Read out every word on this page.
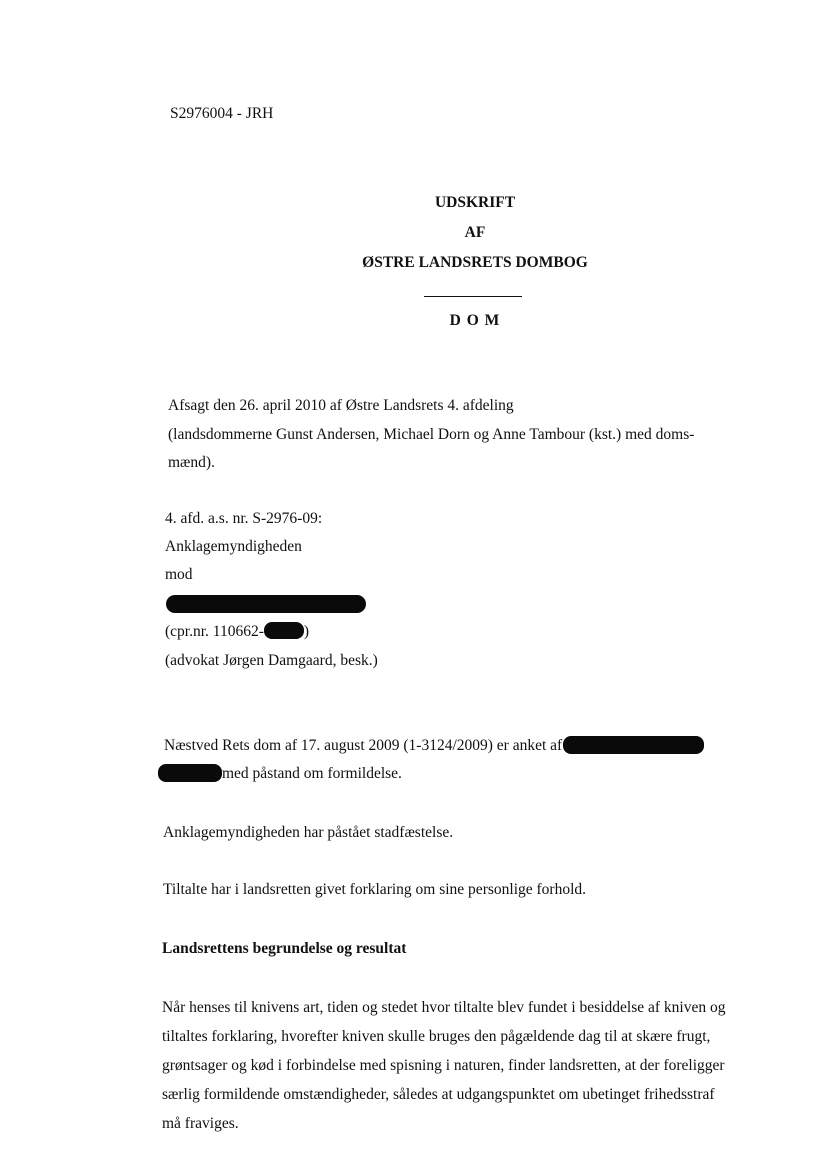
S2976004 - JRH
UDSKRIFT
AF
ØSTRE LANDSRETS DOMBOG
D O M
Afsagt den 26. april 2010 af Østre Landsrets 4. afdeling
(landsdommerne Gunst Andersen, Michael Dorn og Anne Tambour (kst.) med doms-
mænd).
4. afd. a.s. nr. S-2976-09:
Anklagemyndigheden
mod
(cpr.nr. 110662-	)
(advokat Jørgen Damgaard, besk.)
Næstved Rets dom af 17. august 2009 (1-3124/2009) er anket af
med påstand om formildelse.
Anklagemyndigheden har påstået stadfæstelse.
Tiltalte har i landsretten givet forklaring om sine personlige forhold.
Landsrettens begrundelse og resultat
Når henses til knivens art, tiden og stedet hvor tiltalte blev fundet i besiddelse af kniven og
tiltaltes forklaring, hvorefter kniven skulle bruges den pågældende dag til at skære frugt,
grøntsager og kød i forbindelse med spisning i naturen, finder landsretten, at der foreligger
særlig formildende omstændigheder, således at udgangspunktet om ubetinget frihedsstraf
må fraviges.
